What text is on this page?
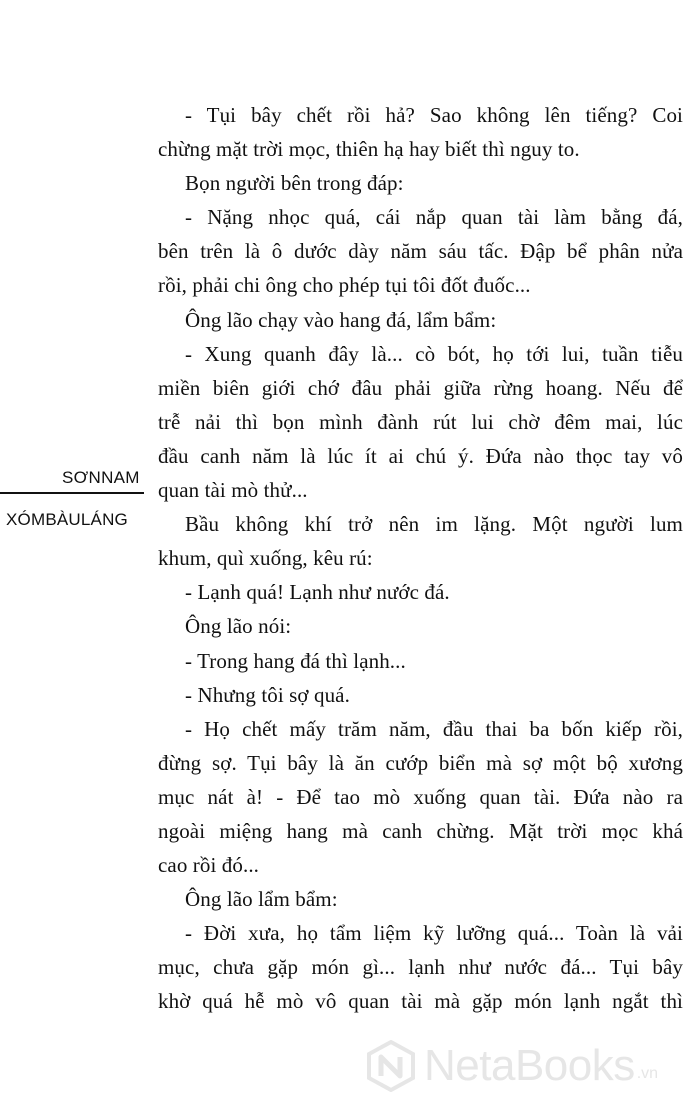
SƠNNAM
XÓMBÀULÁNG
- Tụi bây chết rồi hả? Sao không lên tiếng? Coi
chừng mặt trời mọc, thiên hạ hay biết thì nguy to.
Bọn người bên trong đáp:
- Nặng nhọc quá, cái nắp quan tài làm bằng đá,
bên trên là ô dước dày năm sáu tấc. Đập bể phân nửa
rồi, phải chi ông cho phép tụi tôi đốt đuốc...
Ông lão chạy vào hang đá, lẩm bẩm:
- Xung quanh đây là... cò bót, họ tới lui, tuần tiễu
miền biên giới chớ đâu phải giữa rừng hoang. Nếu để
trễ nải thì bọn mình đành rút lui chờ đêm mai, lúc
đầu canh năm là lúc ít ai chú ý. Đứa nào thọc tay vô
quan tài mò thử...
Bầu không khí trở nên im lặng. Một người lum
khum, quì xuống, kêu rú:
- Lạnh quá! Lạnh như nước đá.
Ông lão nói:
- Trong hang đá thì lạnh...
- Nhưng tôi sợ quá.
- Họ chết mấy trăm năm, đầu thai ba bốn kiếp rồi,
đừng sợ. Tụi bây là ăn cướp biển mà sợ một bộ xương
mục nát à! - Để tao mò xuống quan tài. Đứa nào ra
ngoài miệng hang mà canh chừng. Mặt trời mọc khá
cao rồi đó...
Ông lão lẩm bẩm:
- Đời xưa, họ tẩm liệm kỹ lưỡng quá... Toàn là vải
mục, chưa gặp món gì... lạnh như nước đá... Tụi bây
khờ quá hễ mò vô quan tài mà gặp món lạnh ngắt thì
NetaBooks .vn
